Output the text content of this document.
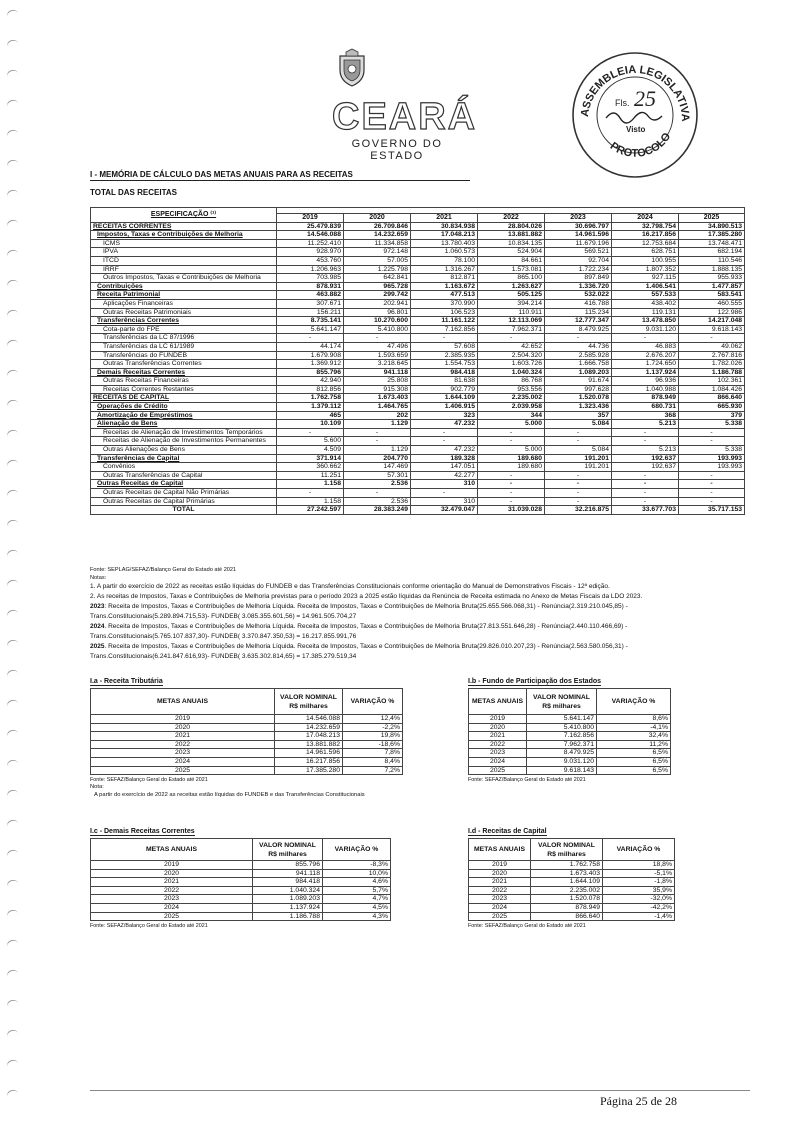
CEARÁ
GOVERNO DO ESTADO
ASSEMBLEIA LEGISLATIVA
PROTOCOLO
Fls. 25
Visto
I - MEMÓRIA DE CÁLCULO DAS METAS ANUAIS PARA AS RECEITAS
TOTAL DAS RECEITAS
ESPECIFICAÇÃO ⁽¹⁾							
	2019	2020	2021	2022	2023	2024	2025
RECEITAS CORRENTES	25.479.839	26.709.846	30.834.938	28.804.026	30.696.797	32.798.754	34.890.513
Impostos, Taxas e Contribuições de Melhoria	14.546.088	14.232.659	17.048.213	13.881.882	14.961.596	16.217.856	17.385.280
ICMS	11.252.410	11.334.858	13.780.403	10.834.135	11.679.196	12.753.684	13.748.471
IPVA	928.970	972.148	1.060.573	524.904	569.521	628.751	682.194
ITCD	453.760	57.005	78.100	84.661	92.704	100.955	110.546
IRRF	1.206.963	1.225.798	1.316.267	1.573.081	1.722.234	1.807.352	1.888.135
Outros Impostos, Taxas e Contribuições de Melhoria	703.985	642.841	812.871	865.100	897.849	927.115	955.933
Contribuições	878.931	965.728	1.163.672	1.263.627	1.336.720	1.406.541	1.477.857
Receita Patrimonial	463.882	299.742	477.513	505.125	532.022	557.533	583.541
Aplicações Financeiras	307.671	202.941	370.990	394.214	416.788	438.402	460.555
Outras Receitas Patrimoniais	156.211	96.801	106.523	110.911	115.234	119.131	122.986
Transferências Correntes	8.735.141	10.270.600	11.161.122	12.113.069	12.777.347	13.478.850	14.217.048
Cota-parte do FPE	5.641.147	5.410.800	7.162.856	7.962.371	8.479.925	9.031.120	9.618.143
Transferências da LC 87/1996	-	-	-	-	-	-	-
Transferências da LC 61/1989	44.174	47.496	57.608	42.652	44.736	46.883	49.062
Transferências do FUNDEB	1.679.908	1.593.659	2.385.935	2.504.320	2.585.928	2.676.207	2.767.816
Outras Transferências Correntes	1.369.912	3.218.645	1.554.753	1.603.726	1.666.758	1.724.650	1.782.026
Demais Receitas Correntes	855.796	941.118	984.418	1.040.324	1.089.203	1.137.924	1.186.788
Outras Receitas Financeiras	42.940	25.808	81.638	86.768	91.674	96.936	102.361
Receitas Correntes Restantes	812.856	915.308	902.779	953.556	997.628	1.040.988	1.084.426
RECEITAS DE CAPITAL	1.762.758	1.673.403	1.644.109	2.235.002	1.520.078	878.949	866.640
Operações de Crédito	1.379.112	1.464.765	1.406.915	2.039.958	1.323.436	680.731	665.930
Amortização de Empréstimos	465	202	323	344	357	368	379
Alienação de Bens	10.109	1.129	47.232	5.000	5.084	5.213	5.338
Receitas de Alienação de Investimentos Temporários	-	-	-	-	-	-	-
Receitas de Alienação de Investimentos Permanentes	5.600	-	-	-	-	-	-
Outras Alienações de Bens	4.509	1.129	47.232	5.000	5.084	5.213	5.338
Transferências de Capital	371.914	204.770	189.328	189.680	191.201	192.637	193.993
Convênios	360.662	147.469	147.051	189.680	191.201	192.637	193.993
Outras Transferências de Capital	11.251	57.301	42.277	-	-	-	-
Outras Receitas de Capital	1.158	2.536	310	-	-	-	-
Outras Receitas de Capital Não Primárias	-	-	-	-	-	-	-
Outras Receitas de Capital Primárias	1.158	2.536	310	-	-	-	-
TOTAL	27.242.597	28.383.249	32.479.047	31.039.028	32.216.875	33.677.703	35.717.153

Fonte: SEPLAG/SEFAZ/Balanço Geral do Estado até 2021

Notas:

1. A partir do exercício de 2022 as receitas estão líquidas do FUNDEB e das Transferências Constitucionais conforme orientação do Manual de Demonstrativos Fiscais - 12ª edição.

2. As receitas de Impostos, Taxas e Contribuições de Melhoria previstas para o período 2023 a 2025 estão líquidas da Renúncia de Receita estimada no Anexo de Metas Fiscais da LDO 2023.

2023: Receita de Impostos, Taxas e Contribuições de Melhoria Líquida. Receita de Impostos, Taxas e Contribuições de Melhoria Bruta(25.655.566.068,31) - Renúncia(2.319.210.045,85) -

Trans.Constitucionais(5.289.894.715,53)- FUNDEB( 3.085.355.601,56) = 14.961.505.704,27

2024. Receita de Impostos, Taxas e Contribuições de Melhoria Líquida. Receita de Impostos, Taxas e Contribuições de Melhoria Bruta(27.813.551.646,28) - Renúncia(2.440.110.466,69) -

Trans.Constitucionais(5.765.107.837,30)- FUNDEB( 3.370.847.350,53) = 16.217.855.991,76

2025. Receita de Impostos, Taxas e Contribuições de Melhoria Líquida. Receita de Impostos, Taxas e Contribuições de Melhoria Bruta(29.826.010.207,23) - Renúncia(2.563.580.056,31) -

Trans.Constitucionais(6.241.847.616,93)- FUNDEB( 3.635.302.814,65) = 17.385.279.519,34

I.a - Receita Tributária
METAS ANUAIS	VALOR NOMINAL R$ milhares	VARIAÇÃO %
2019	14.546.088	12,4%
2020	14.232.659	-2,2%
2021	17.048.213	19,8%
2022	13.881.882	-18,6%
2023	14.961.596	7,8%
2024	16.217.856	8,4%
2025	17.385.280	7,2%
Fonte: SEFAZ/Balanço Geral do Estado até 2021
Nota:
A partir do exercício de 2022 as receitas estão líquidas do FUNDEB e das Transferências Constitucionais
I.b - Fundo de Participação dos Estados
METAS ANUAIS	VALOR NOMINAL R$ milhares	VARIAÇÃO %
2019	5.641.147	8,6%
2020	5.410.800	-4,1%
2021	7.162.856	32,4%
2022	7.962.371	11,2%
2023	8.479.925	6,5%
2024	9.031.120	6,5%
2025	9.618.143	6,5%
Fonte: SEFAZ/Balanço Geral do Estado até 2021
I.c - Demais Receitas Correntes
METAS ANUAIS	VALOR NOMINAL R$ milhares	VARIAÇÃO %
2019	855.796	-8,3%
2020	941.118	10,0%
2021	984.418	4,6%
2022	1.040.324	5,7%
2023	1.089.203	4,7%
2024	1.137.924	4,5%
2025	1.186.788	4,3%
Fonte: SEFAZ/Balanço Geral do Estado até 2021
I.d - Receitas de Capital
METAS ANUAIS	VALOR NOMINAL R$ milhares	VARIAÇÃO %
2019	1.762.758	18,8%
2020	1.673.403	-5,1%
2021	1.644.109	-1,8%
2022	2.235.002	35,9%
2023	1.520.078	-32,0%
2024	878.949	-42,2%
2025	866.640	-1,4%
Fonte: SEFAZ/Balanço Geral do Estado até 2021
Página 25 de 28
